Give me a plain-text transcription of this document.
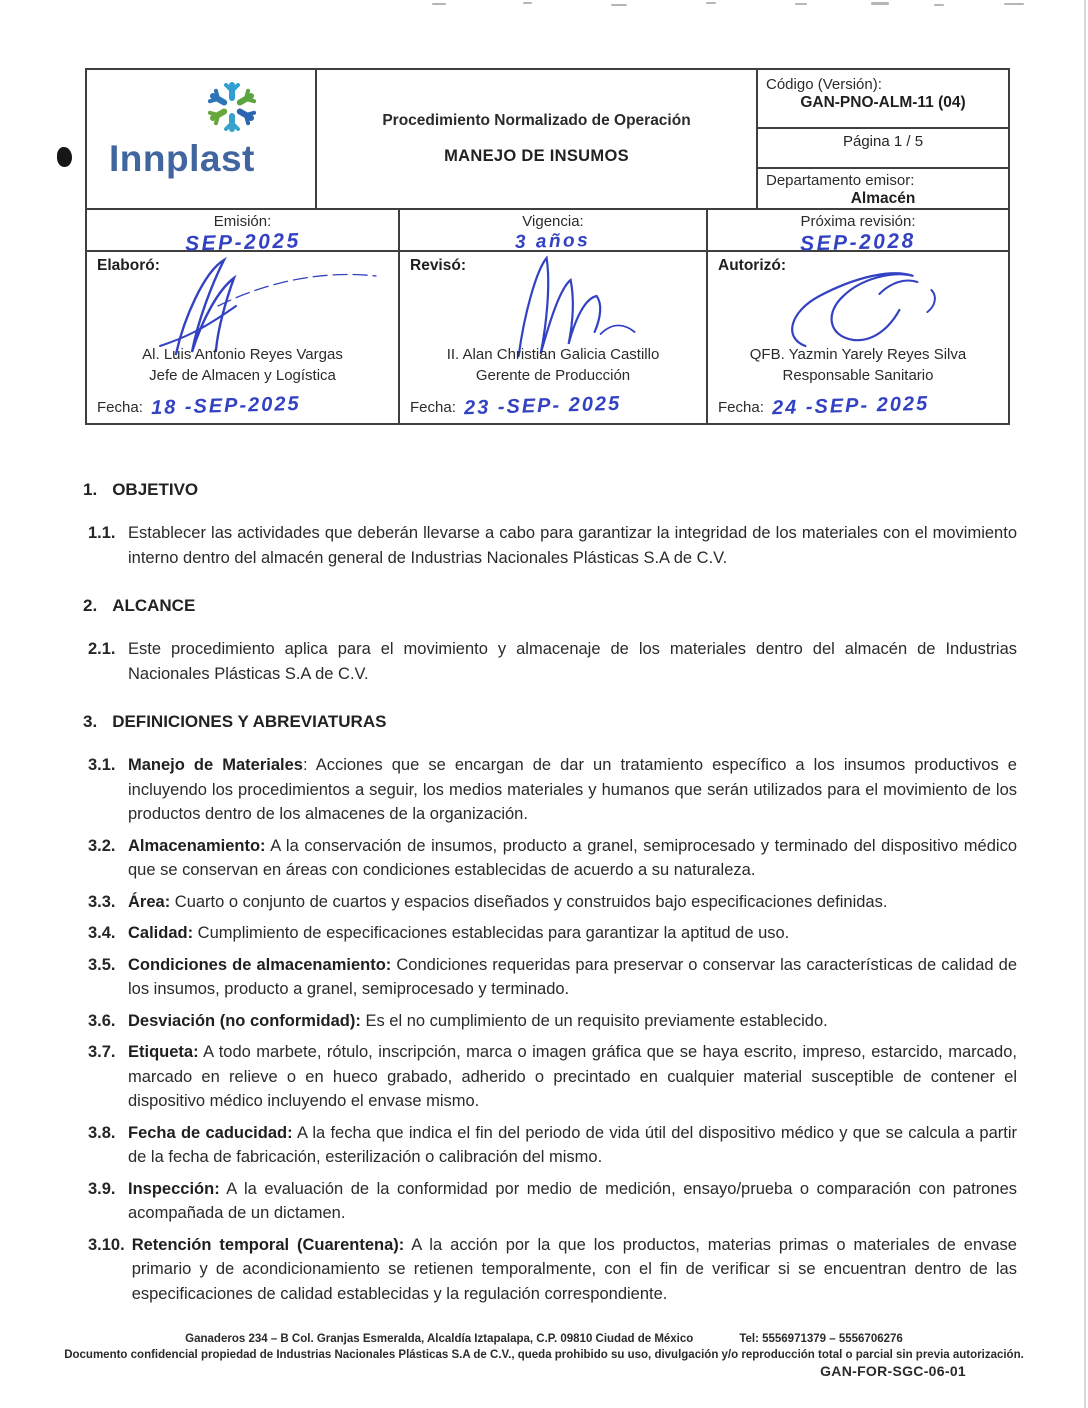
Innplast
Procedimiento Normalizado de Operación
MANEJO DE INSUMOS
Código (Versión):
GAN-PNO-ALM-11 (04)
Página 1 / 5
Departamento emisor:
Almacén
Emisión:
SEP-2025
Vigencia:
3 años
Próxima revisión:
SEP-2028
Elaboró:
Al. Luis Antonio Reyes Vargas
Jefe de Almacen y Logística
Fecha: 18 -SEP-2025
Revisó:
II. Alan Christian Galicia Castillo
Gerente de Producción
Fecha: 23 -SEP- 2025
Autorizó:
QFB. Yazmin Yarely Reyes Silva
Responsable Sanitario
Fecha: 24 -SEP- 2025
1. OBJETIVO
1.1. Establecer las actividades que deberán llevarse a cabo para garantizar la integridad de los materiales con el movimiento interno dentro del almacén general de Industrias Nacionales Plásticas S.A de C.V.
2. ALCANCE
2.1. Este procedimiento aplica para el movimiento y almacenaje de los materiales dentro del almacén de Industrias Nacionales Plásticas S.A de C.V.
3. DEFINICIONES Y ABREVIATURAS
3.1. Manejo de Materiales: Acciones que se encargan de dar un tratamiento específico a los insumos productivos e incluyendo los procedimientos a seguir, los medios materiales y humanos que serán utilizados para el movimiento de los productos dentro de los almacenes de la organización.
3.2. Almacenamiento: A la conservación de insumos, producto a granel, semiprocesado y terminado del dispositivo médico que se conservan en áreas con condiciones establecidas de acuerdo a su naturaleza.
3.3. Área: Cuarto o conjunto de cuartos y espacios diseñados y construidos bajo especificaciones definidas.
3.4. Calidad: Cumplimiento de especificaciones establecidas para garantizar la aptitud de uso.
3.5. Condiciones de almacenamiento: Condiciones requeridas para preservar o conservar las características de calidad de los insumos, producto a granel, semiprocesado y terminado.
3.6. Desviación (no conformidad): Es el no cumplimiento de un requisito previamente establecido.
3.7. Etiqueta: A todo marbete, rótulo, inscripción, marca o imagen gráfica que se haya escrito, impreso, estarcido, marcado, marcado en relieve o en hueco grabado, adherido o precintado en cualquier material susceptible de contener el dispositivo médico incluyendo el envase mismo.
3.8. Fecha de caducidad: A la fecha que indica el fin del periodo de vida útil del dispositivo médico y que se calcula a partir de la fecha de fabricación, esterilización o calibración del mismo.
3.9. Inspección: A la evaluación de la conformidad por medio de medición, ensayo/prueba o comparación con patrones acompañada de un dictamen.
3.10. Retención temporal (Cuarentena): A la acción por la que los productos, materias primas o materiales de envase primario y de acondicionamiento se retienen temporalmente, con el fin de verificar si se encuentran dentro de las especificaciones de calidad establecidas y la regulación correspondiente.
Ganaderos 234 – B Col. Granjas Esmeralda, Alcaldía Iztapalapa, C.P. 09810 Ciudad de México	Tel: 5556971379 – 5556706276
Documento confidencial propiedad de Industrias Nacionales Plásticas S.A de C.V., queda prohibido su uso, divulgación y/o reproducción total o parcial sin previa autorización.
GAN-FOR-SGC-06-01
